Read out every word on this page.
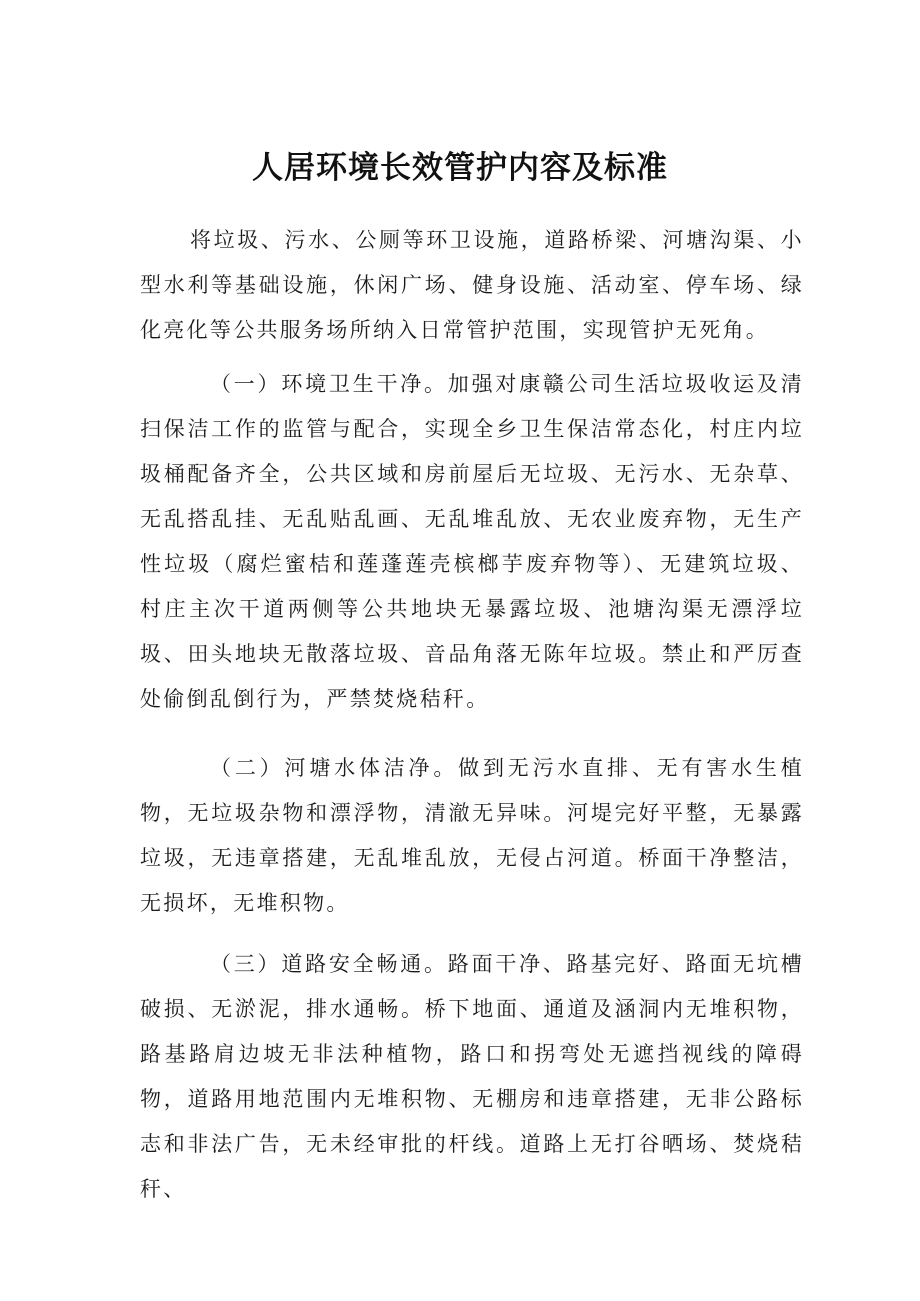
人居环境长效管护内容及标准

将垃圾、污水、公厕等环卫设施，道路桥梁、河塘沟渠、小型水利等基础设施，休闲广场、健身设施、活动室、停车场、绿化亮化等公共服务场所纳入日常管护范围，实现管护无死角。

（一）环境卫生干净。加强对康赣公司生活垃圾收运及清扫保洁工作的监管与配合，实现全乡卫生保洁常态化，村庄内垃圾桶配备齐全，公共区域和房前屋后无垃圾、无污水、无杂草、无乱搭乱挂、无乱贴乱画、无乱堆乱放、无农业废弃物，无生产性垃圾（腐烂蜜桔和莲蓬莲壳槟榔芋废弃物等）、无建筑垃圾、村庄主次干道两侧等公共地块无暴露垃圾、池塘沟渠无漂浮垃圾、田头地块无散落垃圾、音品角落无陈年垃圾。禁止和严厉查处偷倒乱倒行为，严禁焚烧秸秆。

（二）河塘水体洁净。做到无污水直排、无有害水生植物，无垃圾杂物和漂浮物，清澈无异味。河堤完好平整，无暴露垃圾，无违章搭建，无乱堆乱放，无侵占河道。桥面干净整洁，无损坏，无堆积物。

（三）道路安全畅通。路面干净、路基完好、路面无坑槽破损、无淤泥，排水通畅。桥下地面、通道及涵洞内无堆积物，路基路肩边坡无非法种植物，路口和拐弯处无遮挡视线的障碍物，道路用地范围内无堆积物、无棚房和违章搭建，无非公路标志和非法广告，无未经审批的杆线。道路上无打谷晒场、焚烧秸秆、
